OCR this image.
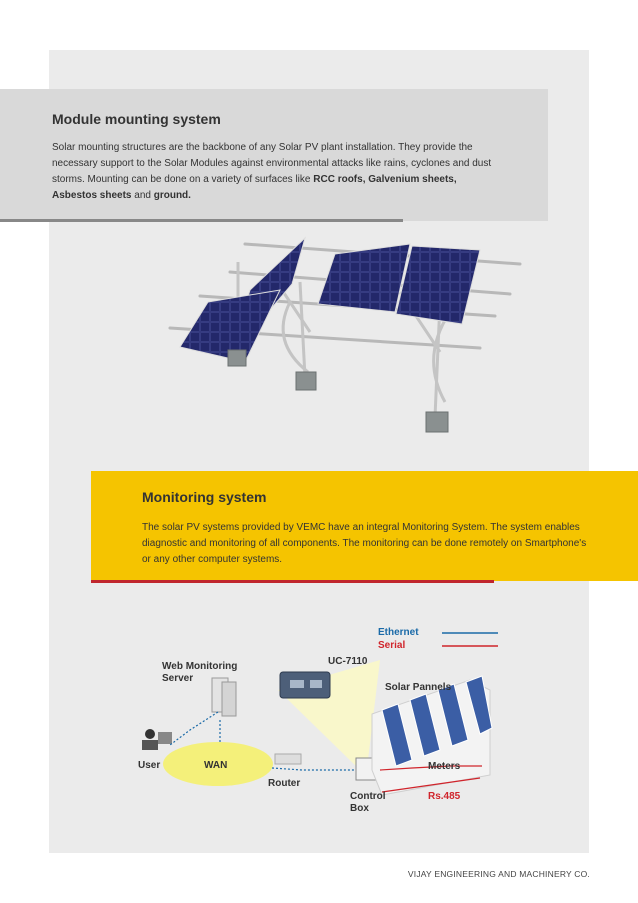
Module mounting system
Solar mounting structures are the backbone of any Solar PV plant installation. They provide the necessary support to the Solar Modules against environmental attacks like rains, cyclones and dust storms. Mounting can be done on a variety of surfaces like RCC roofs, Galvenium sheets, Asbestos sheets and ground.
Monitoring system
The solar PV systems provided by VEMC have an integral Monitoring System. The system enables diagnostic and monitoring of all components. The monitoring can be done remotely on Smartphone's or any other computer systems.
Ethernet
Serial
UC-7110
Web Monitoring Server
Solar Pannels
User	WAN
Router
Control Box
Meters
Rs.485
VIJAY ENGINEERING AND MACHINERY CO.
